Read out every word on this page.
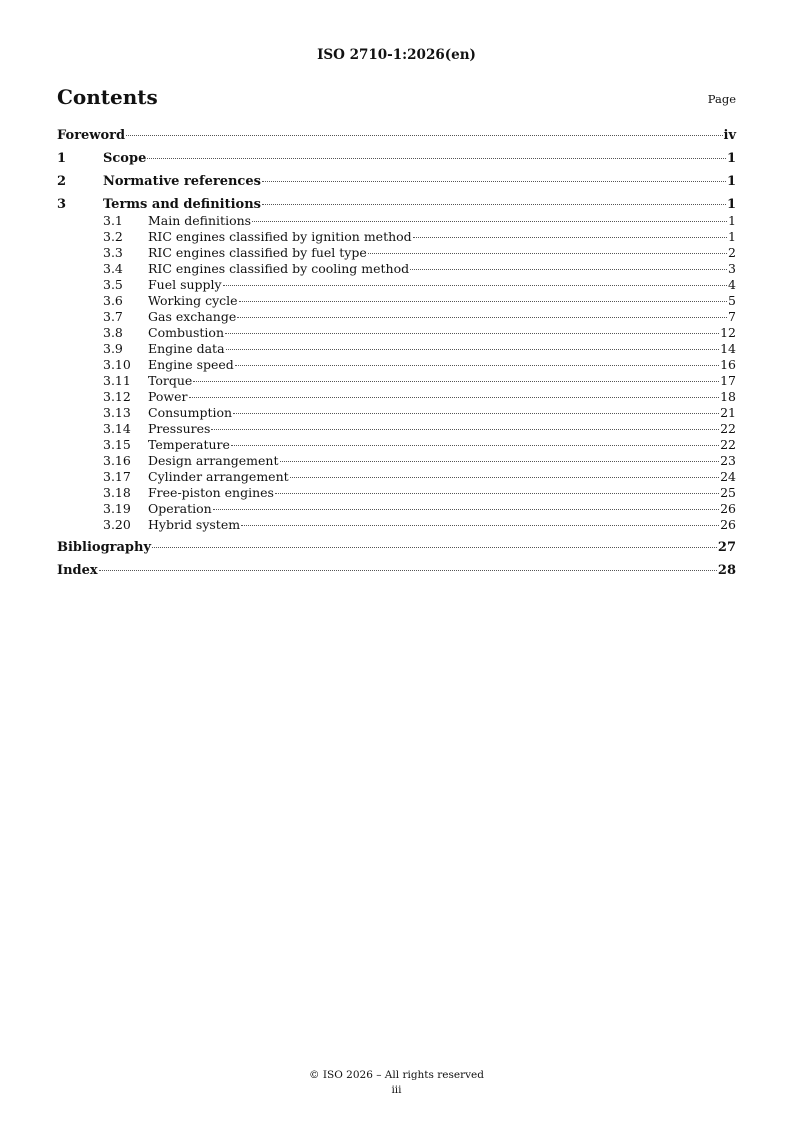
ISO 2710-1:2026(en)
Contents	Page
Foreword	iv
1	Scope	1
2	Normative references	1
3	Terms and definitions	1
3.1	Main definitions	1
3.2	RIC engines classified by ignition method	1
3.3	RIC engines classified by fuel type	2
3.4	RIC engines classified by cooling method	3
3.5	Fuel supply	4
3.6	Working cycle	5
3.7	Gas exchange	7
3.8	Combustion	12
3.9	Engine data	14
3.10	Engine speed	16
3.11	Torque	17
3.12	Power	18
3.13	Consumption	21
3.14	Pressures	22
3.15	Temperature	22
3.16	Design arrangement	23
3.17	Cylinder arrangement	24
3.18	Free-piston engines	25
3.19	Operation	26
3.20	Hybrid system	26
Bibliography	27
Index	28
© ISO 2026 – All rights reserved
iii
